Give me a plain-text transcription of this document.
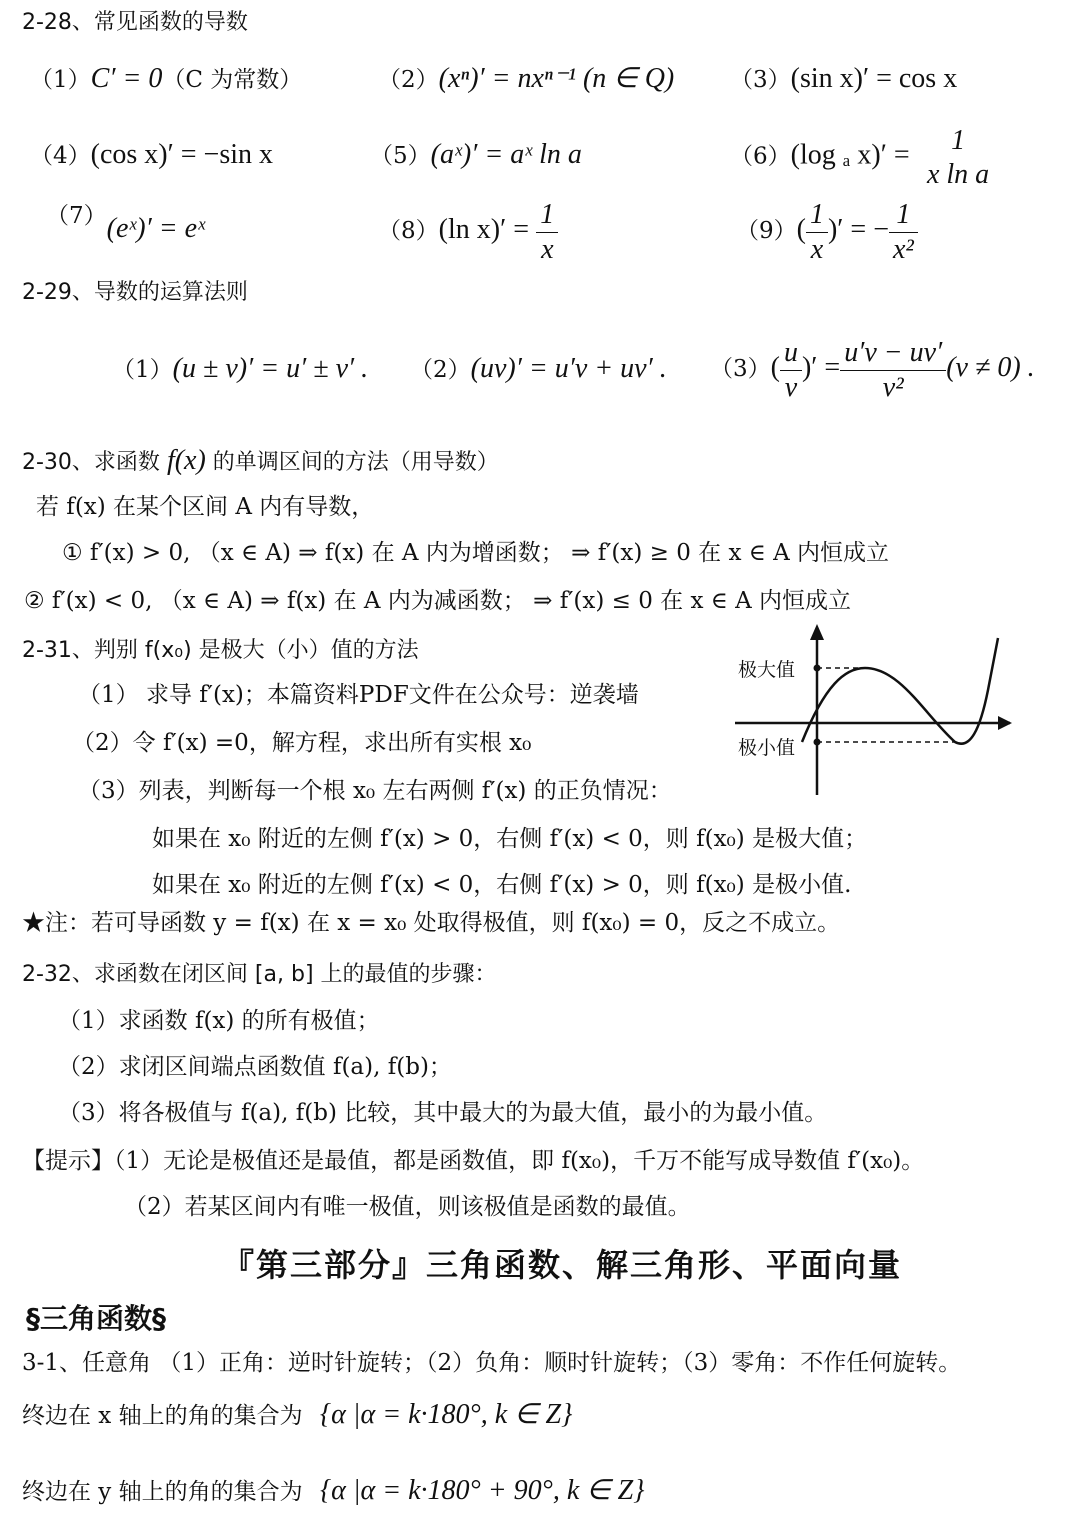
2-28、常见函数的导数
（1）C′ = 0（C 为常数）	（2）(xⁿ)′ = nxⁿ⁻¹ (n ∈ Q) （3）(sin x)′ = cos x
（4）(cos x)′ = −sin x	（5）(aˣ)′ = aˣ ln a	（6）(log ₐ x)′ =	1
x ln a
（7）(eˣ)′ = eˣ	（8）(ln $x)' = \frac{1}{x}$	$(9)( \frac{1}{x}$ )′ = − $\frac{1}{\text{x²}}$
2-29、导数的运算法则
（1）(u ± v)′ = u′ ± v′ . （2）(uv)′ = u′v + uv′ . $(3)( \frac{u}{v}$ )′ = $\frac{u'v - uv'}{\text{v²}} (v \ne 0)$ .
2-30、求函数 f(x) 的单调区间的方法（用导数）
若 f(x) 在某个区间 A 内有导数，
① f′(x) > 0, （x ∈ A) ⇒ f(x) 在 A 内为增函数； ⇒ f′(x) ≥ 0 在 x ∈ A 内恒成立
② f′(x) < 0, （x ∈ A) ⇒ f(x) 在 A 内为减函数； ⇒ f′(x) ≤ 0 在 x ∈ A 内恒成立
2-31、判别 f(x₀) 是极大（小）值的方法
（1） 求导 f′(x)；本篇资料PDF文件在公众号：逆袭墙
（2）令 f′(x) =0，解方程，求出所有实根 x₀
（3）列表，判断每一个根 x₀ 左右两侧 f′(x) 的正负情况：
如果在 x₀ 附近的左侧 f′(x) > 0，右侧 f′(x) < 0，则 f(x₀) 是极大值；
如果在 x₀ 附近的左侧 f′(x) < 0，右侧 f′(x) > 0，则 f(x₀) 是极小值.
★注：若可导函数 y = f(x) 在 x = x₀ 处取得极值，则 f(x₀) = 0，反之不成立。
极大值
极小值
2-32、求函数在闭区间 [a, b] 上的最值的步骤：
（1）求函数 f(x) 的所有极值；
（2）求闭区间端点函数值 f(a), f(b)；
（3）将各极值与 f(a), f(b) 比较，其中最大的为最大值，最小的为最小值。
【提示】（1）无论是极值还是最值，都是函数值，即 f(x₀)，千万不能写成导数值 f′(x₀)。
（2）若某区间内有唯一极值，则该极值是函数的最值。
『第三部分』三角函数、解三角形、平面向量
§三角函数§
3-1、任意角 （1）正角：逆时针旋转；（2）负角：顺时针旋转；（3）零角：不作任何旋转。
终边在 x 轴上的角的集合为 {α |α = k·180°, k ∈ Z}
终边在 y 轴上的角的集合为 {α |α = k·180° + 90°, k ∈ Z}
